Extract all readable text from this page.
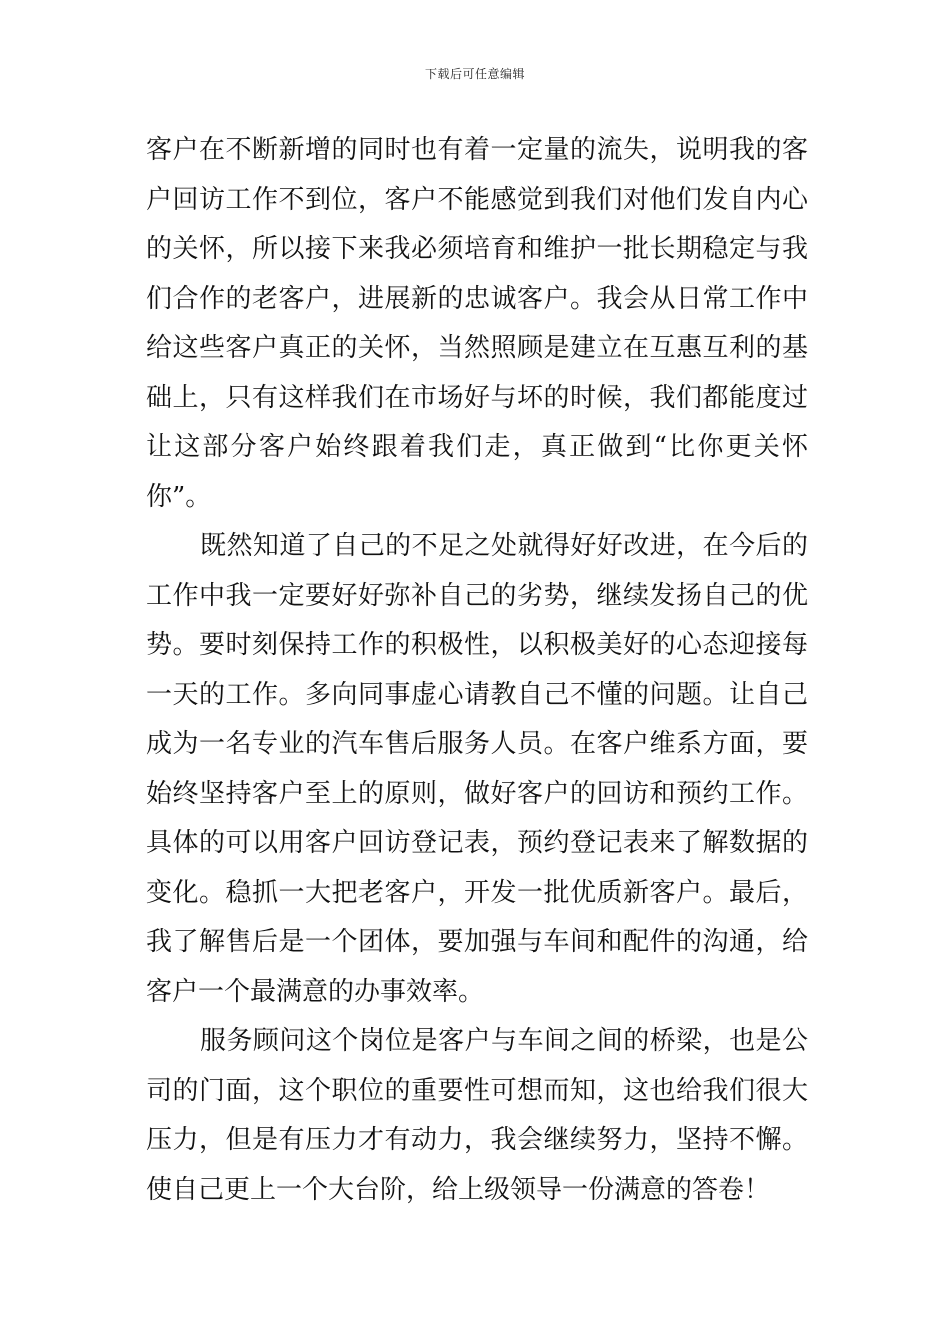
下载后可任意编辑
客户在不断新增的同时也有着一定量的流失，说明我的客
户回访工作不到位，客户不能感觉到我们对他们发自内心
的关怀，所以接下来我必须培育和维护一批长期稳定与我
们合作的老客户，进展新的忠诚客户。我会从日常工作中
给这些客户真正的关怀，当然照顾是建立在互惠互利的基
础上，只有这样我们在市场好与坏的时候，我们都能度过
让这部分客户始终跟着我们走，真正做到“比你更关怀
你”。
既然知道了自己的不足之处就得好好改进，在今后的
工作中我一定要好好弥补自己的劣势，继续发扬自己的优
势。要时刻保持工作的积极性，以积极美好的心态迎接每
一天的工作。多向同事虚心请教自己不懂的问题。让自己
成为一名专业的汽车售后服务人员。在客户维系方面，要
始终坚持客户至上的原则，做好客户的回访和预约工作。
具体的可以用客户回访登记表，预约登记表来了解数据的
变化。稳抓一大把老客户，开发一批优质新客户。最后，
我了解售后是一个团体，要加强与车间和配件的沟通，给
客户一个最满意的办事效率。
服务顾问这个岗位是客户与车间之间的桥梁，也是公
司的门面，这个职位的重要性可想而知，这也给我们很大
压力，但是有压力才有动力，我会继续努力，坚持不懈。
使自己更上一个大台阶，给上级领导一份满意的答卷！
